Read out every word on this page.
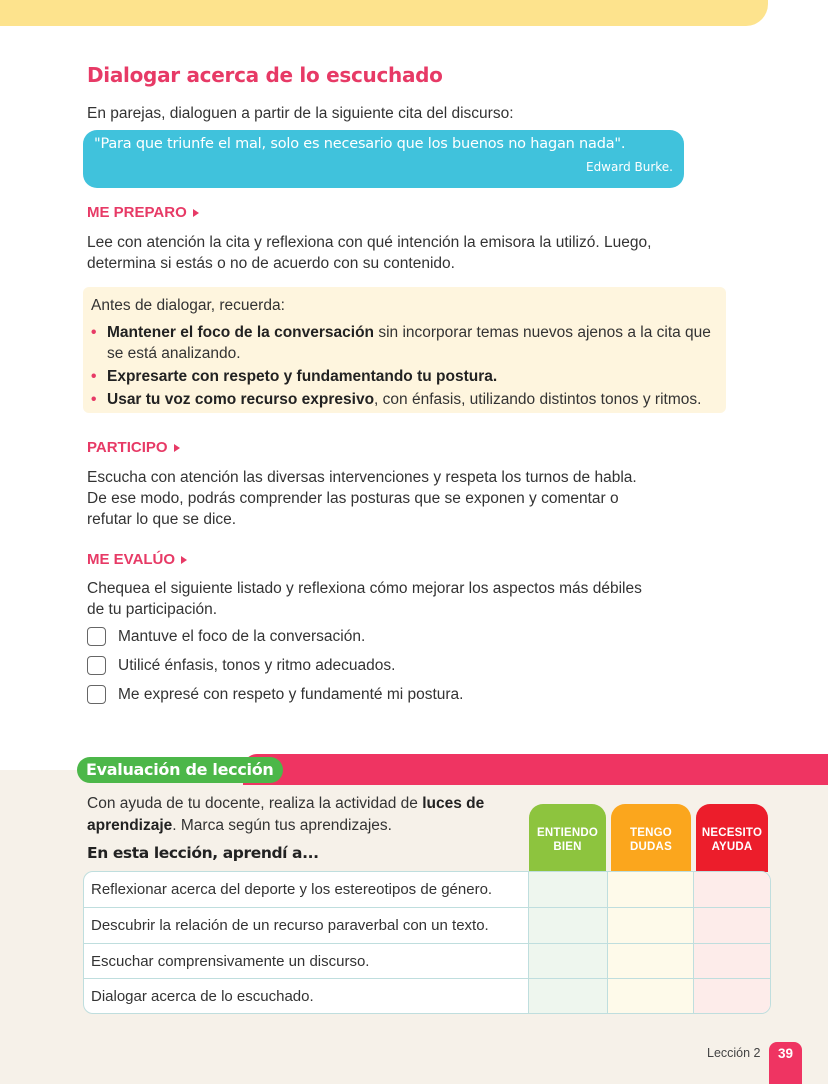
Dialogar acerca de lo escuchado

En parejas, dialoguen a partir de la siguiente cita del discurso:

"Para que triunfe el mal, solo es necesario que los buenos no hagan nada".
Edward Burke.
ME PREPARO

Lee con atención la cita y reflexiona con qué intención la emisora la utilizó. Luego,

determina si estás o no de acuerdo con su contenido.

Antes de dialogar, recuerda:
• Mantener el foco de la conversación sin incorporar temas nuevos ajenos a la cita que se está analizando.
• Expresarte con respeto y fundamentando tu postura.
• Usar tu voz como recurso expresivo, con énfasis, utilizando distintos tonos y ritmos.
PARTICIPO

Escucha con atención las diversas intervenciones y respeta los turnos de habla.

De ese modo, podrás comprender las posturas que se exponen y comentar o

refutar lo que se dice.

ME EVALÚO

Chequea el siguiente listado y reflexiona cómo mejorar los aspectos más débiles

de tu participación.

Mantuve el foco de la conversación.
Utilicé énfasis, tonos y ritmo adecuados.
Me expresé con respeto y fundamenté mi postura.
Evaluación de lección

Con ayuda de tu docente, realiza la actividad de luces de aprendizaje. Marca según tus aprendizajes.

En esta lección, aprendí a...

ENTIENDO
BIEN
TENGO
DUDAS
NECESITO
AYUDA
Reflexionar acerca del deporte y los estereotipos de género.
Descubrir la relación de un recurso paraverbal con un texto.
Escuchar comprensivamente un discurso.
Dialogar acerca de lo escuchado.
Lección 2	39
